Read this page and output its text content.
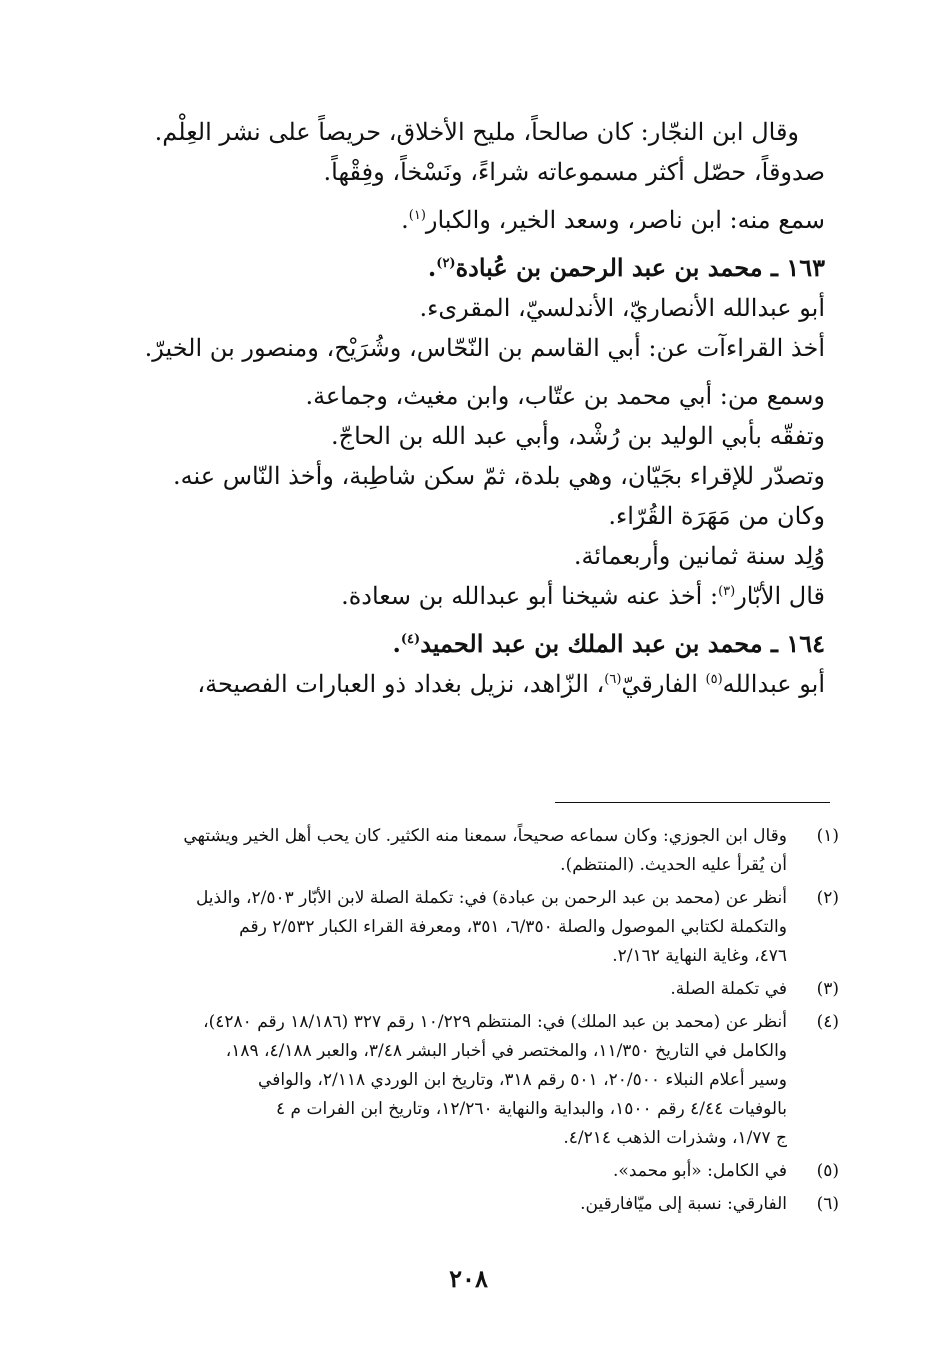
وقال ابن النجّار: كان صالحاً، مليح الأخلاق، حريصاً على نشر العِلْم.
صدوقاً، حصّل أكثر مسموعاته شراءً، ونَسْخاً، وفِقْهاً.
سمع منه: ابن ناصر، وسعد الخير، والكبار$^{(١)}$.
١٦٣ ـ محمد بن عبد الرحمن بن عُبادة$^{(٢)}$.
أبو عبدالله الأنصاريّ، الأندلسيّ، المقرىء.
أخذ القراءآت عن: أبي القاسم بن النّحّاس، وشُرَيْح، ومنصور بن الخيرّ.
وسمع من: أبي محمد بن عتّاب، وابن مغيث، وجماعة.
وتفقّه بأبي الوليد بن رُشْد، وأبي عبد الله بن الحاجّ.
وتصدّر للإقراء بجَيّان، وهي بلدة، ثمّ سكن شاطِبة، وأخذ النّاس عنه.
وكان من مَهَرَة القُرّاء.
وُلِد سنة ثمانين وأربعمائة.
قال الأبّار$^{(٣)}$: أخذ عنه شيخنا أبو عبدالله بن سعادة.
١٦٤ ـ محمد بن عبد الملك بن عبد الحميد$^{(٤)}$.
أبو عبدالله$^{(٥)}$ الفارقيّ$^{(٦)}$، الزّاهد، نزيل بغداد ذو العبارات الفصيحة،
(١)
وقال ابن الجوزي: وكان سماعه صحيحاً، سمعنا منه الكثير. كان يحب أهل الخير ويشتهي
أن يُقرأ عليه الحديث. (المنتظم).
(٢)
أنظر عن (محمد بن عبد الرحمن بن عبادة) في: تكملة الصلة لابن الأبّار ٢/٥٠٣، والذيل
والتكملة لكتابي الموصول والصلة ٦/٣٥٠، ٣٥١، ومعرفة القراء الكبار ٢/٥٣٢ رقم
٤٧٦، وغاية النهاية ٢/١٦٢.
(٣)
في تكملة الصلة.
(٤)
أنظر عن (محمد بن عبد الملك) في: المنتظم ١٠/٢٢٩ رقم ٣٢٧ (١٨/١٨٦ رقم ٤٢٨٠)،
والكامل في التاريخ ١١/٣٥٠، والمختصر في أخبار البشر ٣/٤٨، والعبر ٤/١٨٨، ١٨٩،
وسير أعلام النبلاء ٢٠/٥٠٠، ٥٠١ رقم ٣١٨، وتاريخ ابن الوردي ٢/١١٨، والوافي
بالوفيات ٤/٤٤ رقم ١٥٠٠، والبداية والنهاية ١٢/٢٦٠، وتاريخ ابن الفرات م ٤
ج ١/٧٧، وشذرات الذهب ٤/٢١٤.
(٥)
في الكامل: «أبو محمد».
(٦)
الفارقي: نسبة إلى ميّافارقين.
٢٠٨
